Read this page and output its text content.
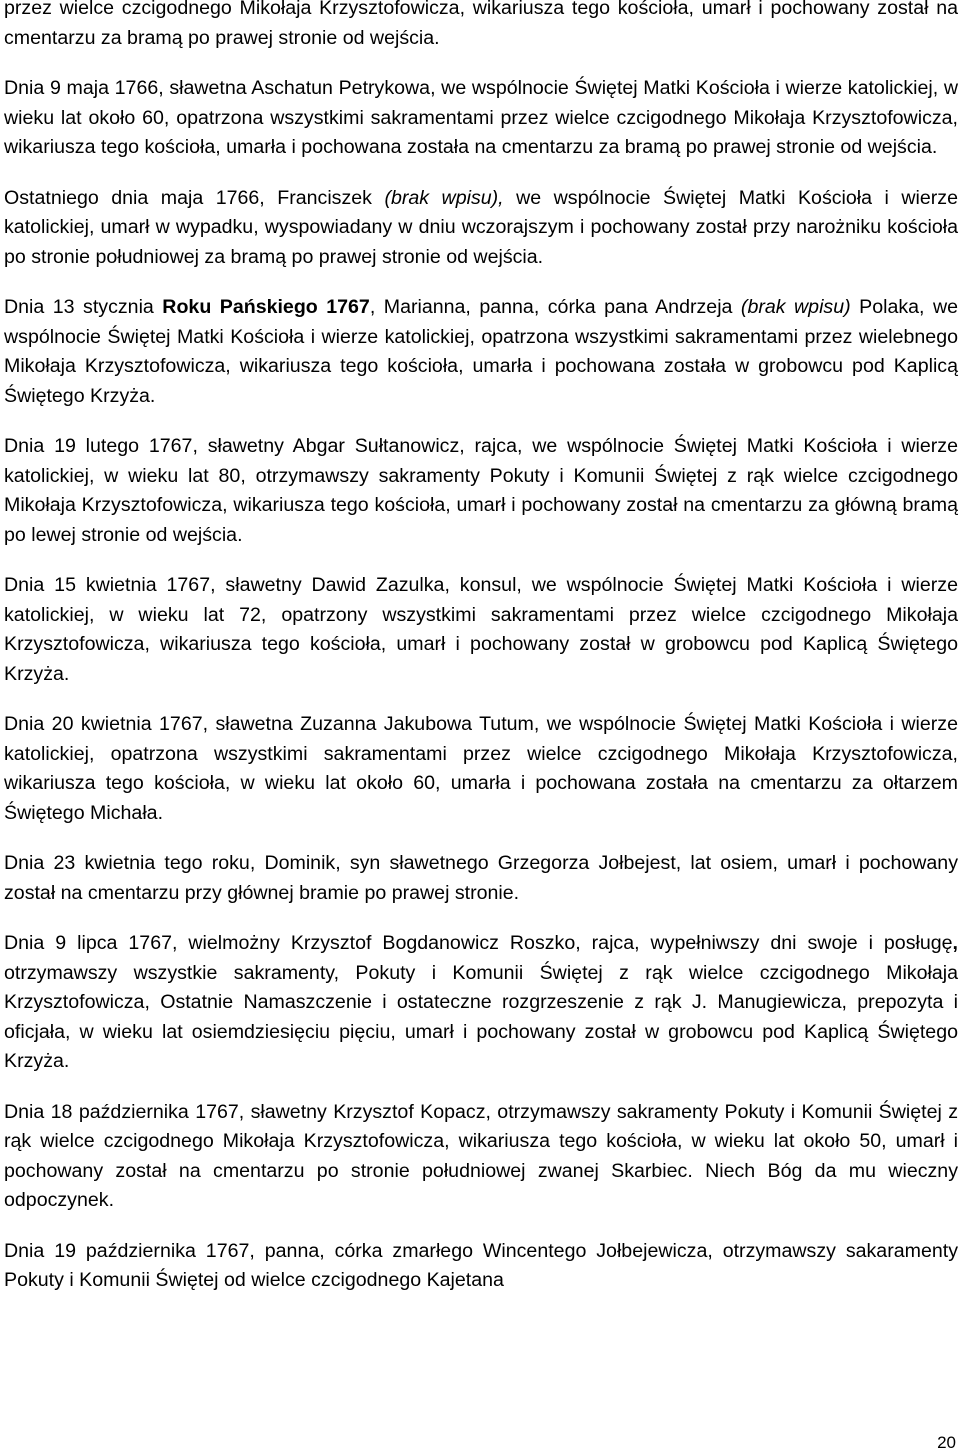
przez wielce czcigodnego Mikołaja Krzysztofowicza, wikariusza tego kościoła, umarł i pochowany został na cmentarzu za bramą po prawej stronie od wejścia.

Dnia 9 maja 1766, sławetna Aschatun Petrykowa, we wspólnocie Świętej Matki Kościoła i wierze katolickiej, w wieku lat około 60, opatrzona wszystkimi sakramentami przez wielce czcigodnego Mikołaja Krzysztofowicza, wikariusza tego kościoła, umarła i pochowana została na cmentarzu za bramą po prawej stronie od wejścia.

Ostatniego dnia maja 1766, Franciszek (brak wpisu), we wspólnocie Świętej Matki Kościoła i wierze katolickiej, umarł w wypadku, wyspowiadany w dniu wczorajszym i pochowany został przy narożniku kościoła po stronie południowej za bramą po prawej stronie od wejścia.

Dnia 13 stycznia Roku Pańskiego 1767, Marianna, panna, córka pana Andrzeja (brak wpisu) Polaka, we wspólnocie Świętej Matki Kościoła i wierze katolickiej, opatrzona wszystkimi sakramentami przez wielebnego Mikołaja Krzysztofowicza, wikariusza tego kościoła, umarła i pochowana została w grobowcu pod Kaplicą Świętego Krzyża.

Dnia 19 lutego 1767, sławetny Abgar Sułtanowicz, rajca, we wspólnocie Świętej Matki Kościoła i wierze katolickiej, w wieku lat 80, otrzymawszy sakramenty Pokuty i Komunii Świętej z rąk wielce czcigodnego Mikołaja Krzysztofowicza, wikariusza tego kościoła, umarł i pochowany został na cmentarzu za główną bramą po lewej stronie od wejścia.

Dnia 15 kwietnia 1767, sławetny Dawid Zazulka, konsul, we wspólnocie Świętej Matki Kościoła i wierze katolickiej, w wieku lat 72, opatrzony wszystkimi sakramentami przez wielce czcigodnego Mikołaja Krzysztofowicza, wikariusza tego kościoła, umarł i pochowany został w grobowcu pod Kaplicą Świętego Krzyża.

Dnia 20 kwietnia 1767, sławetna Zuzanna Jakubowa Tutum, we wspólnocie Świętej Matki Kościoła i wierze katolickiej, opatrzona wszystkimi sakramentami przez wielce czcigodnego Mikołaja Krzysztofowicza, wikariusza tego kościoła, w wieku lat około 60, umarła i pochowana została na cmentarzu za ołtarzem Świętego Michała.

Dnia 23 kwietnia tego roku, Dominik, syn sławetnego Grzegorza Jołbejest, lat osiem, umarł i pochowany został na cmentarzu przy głównej bramie po prawej stronie.

Dnia 9 lipca 1767, wielmożny Krzysztof Bogdanowicz Roszko, rajca, wypełniwszy dni swoje i posługę, otrzymawszy wszystkie sakramenty, Pokuty i Komunii Świętej z rąk wielce czcigodnego Mikołaja Krzysztofowicza, Ostatnie Namaszczenie i ostateczne rozgrzeszenie z rąk J. Manugiewicza, prepozyta i oficjała, w wieku lat osiemdziesięciu pięciu, umarł i pochowany został w grobowcu pod Kaplicą Świętego Krzyża.

Dnia 18 października 1767, sławetny Krzysztof Kopacz, otrzymawszy sakramenty Pokuty i Komunii Świętej z rąk wielce czcigodnego Mikołaja Krzysztofowicza, wikariusza tego kościoła, w wieku lat około 50, umarł i pochowany został na cmentarzu po stronie południowej zwanej Skarbiec. Niech Bóg da mu wieczny odpoczynek.

Dnia 19 października 1767, panna, córka zmarłego Wincentego Jołbejewicza, otrzymawszy sakaramenty Pokuty i Komunii Świętej od wielce czcigodnego Kajetana

20
